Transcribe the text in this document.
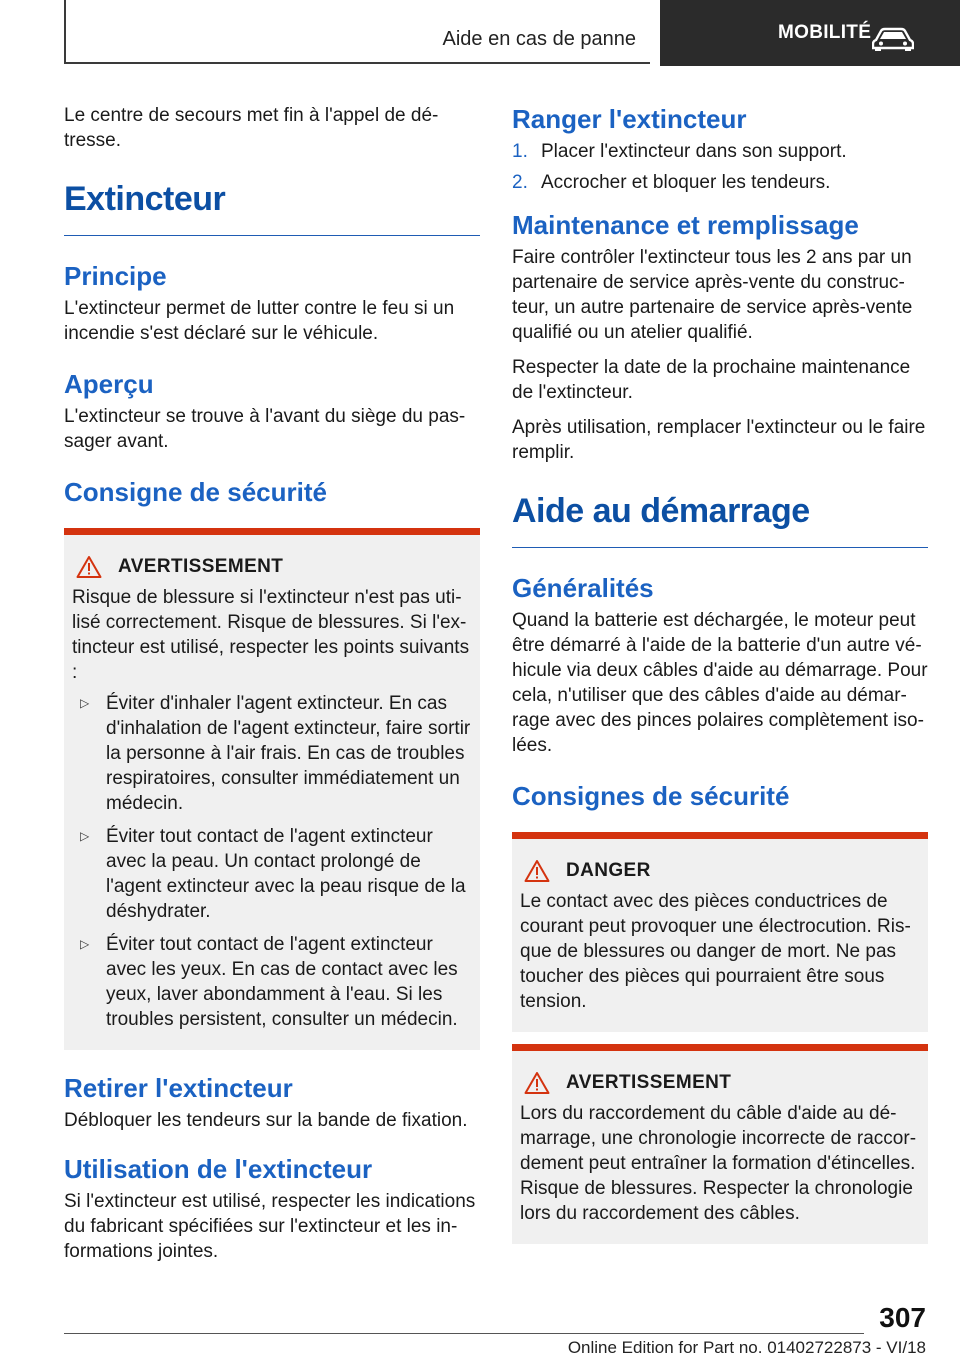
Aide en cas de panne	MOBILITÉ

Le centre de secours met fin à l'appel de détresse.

Extincteur
Principe

L'extincteur permet de lutter contre le feu si un incendie s'est déclaré sur le véhicule.

Aperçu

L'extincteur se trouve à l'avant du siège du passager avant.

Consigne de sécurité
AVERTISSEMENT

Risque de blessure si l'extincteur n'est pas utilisé correctement. Risque de blessures. Si l'extincteur est utilisé, respecter les points suivants :

▷ Éviter d'inhaler l'agent extincteur. En cas d'inhalation de l'agent extincteur, faire sortir la personne à l'air frais. En cas de troubles respiratoires, consulter immédiatement un médecin.
▷ Éviter tout contact de l'agent extincteur avec la peau. Un contact prolongé de l'agent extincteur avec la peau risque de la déshydrater.
▷ Éviter tout contact de l'agent extincteur avec les yeux. En cas de contact avec les yeux, laver abondamment à l'eau. Si les troubles persistent, consulter un médecin.
Retirer l'extincteur

Débloquer les tendeurs sur la bande de fixation.

Utilisation de l'extincteur

Si l'extincteur est utilisé, respecter les indications du fabricant spécifiées sur l'extincteur et les informations jointes.

Ranger l'extincteur
1. Placer l'extincteur dans son support.
2. Accrocher et bloquer les tendeurs.
Maintenance et remplissage

Faire contrôler l'extincteur tous les 2 ans par un partenaire de service après-vente du constructeur, un autre partenaire de service après-vente qualifié ou un atelier qualifié.

Respecter la date de la prochaine maintenance de l'extincteur.

Après utilisation, remplacer l'extincteur ou le faire remplir.

Aide au démarrage
Généralités

Quand la batterie est déchargée, le moteur peut être démarré à l'aide de la batterie d'un autre véhicule via deux câbles d'aide au démarrage. Pour cela, n'utiliser que des câbles d'aide au démarrage avec des pinces polaires complètement isolées.

Consignes de sécurité
DANGER

Le contact avec des pièces conductrices de courant peut provoquer une électrocution. Risque de blessures ou danger de mort. Ne pas toucher des pièces qui pourraient être sous tension.

AVERTISSEMENT

Lors du raccordement du câble d'aide au démarrage, une chronologie incorrecte de raccordement peut entraîner la formation d'étincelles. Risque de blessures. Respecter la chronologie lors du raccordement des câbles.

307
Online Edition for Part no. 01402722873 - VI/18
